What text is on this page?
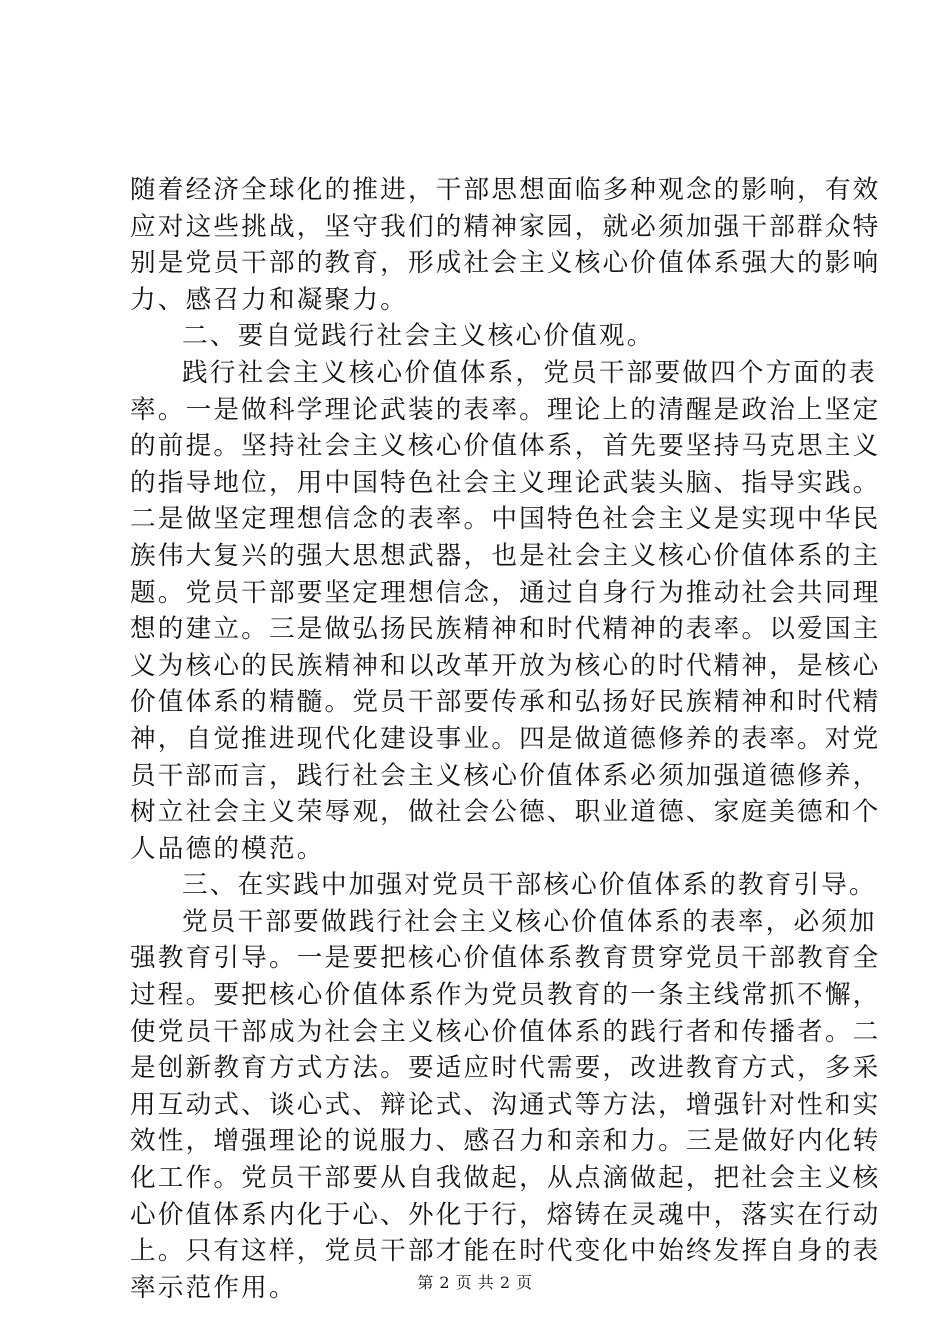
随着经济全球化的推进，干部思想面临多种观念的影响，有效
应对这些挑战，坚守我们的精神家园，就必须加强干部群众特
别是党员干部的教育，形成社会主义核心价值体系强大的影响
力、感召力和凝聚力。
二、要自觉践行社会主义核心价值观。
践行社会主义核心价值体系，党员干部要做四个方面的表
率。一是做科学理论武装的表率。理论上的清醒是政治上坚定
的前提。坚持社会主义核心价值体系，首先要坚持马克思主义
的指导地位，用中国特色社会主义理论武装头脑、指导实践。
二是做坚定理想信念的表率。中国特色社会主义是实现中华民
族伟大复兴的强大思想武器，也是社会主义核心价值体系的主
题。党员干部要坚定理想信念，通过自身行为推动社会共同理
想的建立。三是做弘扬民族精神和时代精神的表率。以爱国主
义为核心的民族精神和以改革开放为核心的时代精神，是核心
价值体系的精髓。党员干部要传承和弘扬好民族精神和时代精
神，自觉推进现代化建设事业。四是做道德修养的表率。对党
员干部而言，践行社会主义核心价值体系必须加强道德修养，
树立社会主义荣辱观，做社会公德、职业道德、家庭美德和个
人品德的模范。
三、在实践中加强对党员干部核心价值体系的教育引导。
党员干部要做践行社会主义核心价值体系的表率，必须加
强教育引导。一是要把核心价值体系教育贯穿党员干部教育全
过程。要把核心价值体系作为党员教育的一条主线常抓不懈，
使党员干部成为社会主义核心价值体系的践行者和传播者。二
是创新教育方式方法。要适应时代需要，改进教育方式，多采
用互动式、谈心式、辩论式、沟通式等方法，增强针对性和实
效性，增强理论的说服力、感召力和亲和力。三是做好内化转
化工作。党员干部要从自我做起，从点滴做起，把社会主义核
心价值体系内化于心、外化于行，熔铸在灵魂中，落实在行动
上。只有这样，党员干部才能在时代变化中始终发挥自身的表
率示范作用。	第 2 页 共 2 页
